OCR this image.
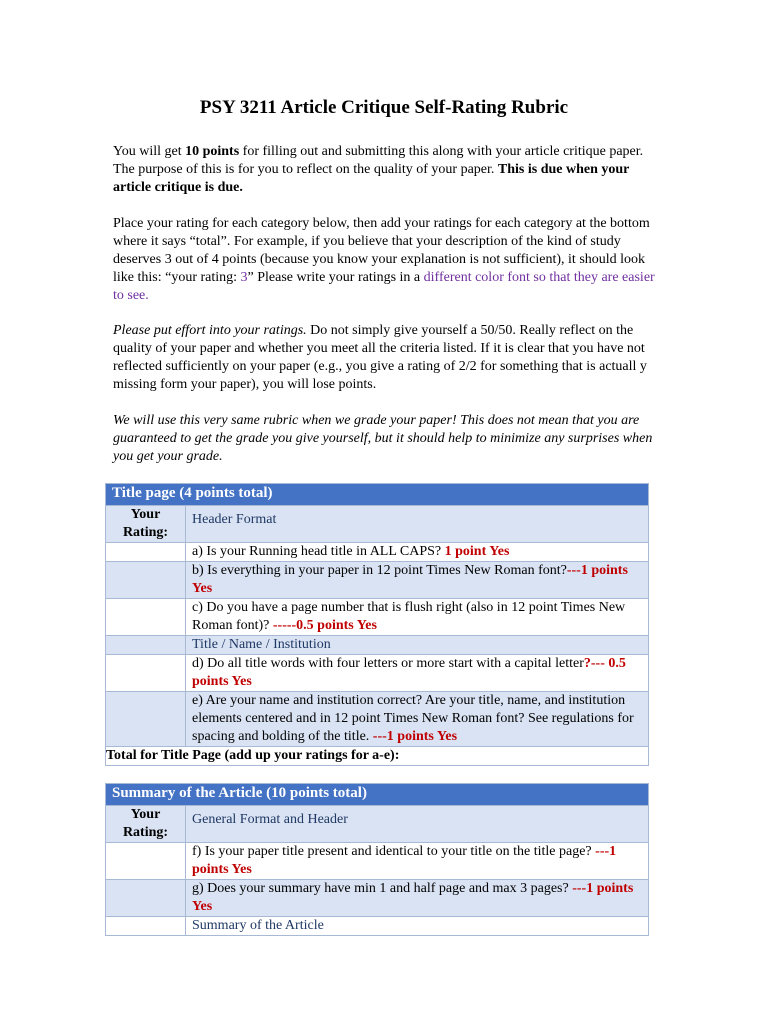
PSY 3211 Article Critique Self-Rating Rubric

You will get 10 points for filling out and submitting this along with your article critique paper. The purpose of this is for you to reflect on the quality of your paper. This is due when your article critique is due.

Place your rating for each category below, then add your ratings for each category at the bottom where it says “total”. For example, if you believe that your description of the kind of study deserves 3 out of 4 points (because you know your explanation is not sufficient), it should look like this: “your rating: 3” Please write your ratings in a different color font so that they are easier to see.

Please put effort into your ratings. Do not simply give yourself a 50/50. Really reflect on the quality of your paper and whether you meet all the criteria listed. If it is clear that you have not reflected sufficiently on your paper (e.g., you give a rating of 2/2 for something that is actuall y missing form your paper), you will lose points.

We will use this very same rubric when we grade your paper! This does not mean that you are guaranteed to get the grade you give yourself, but it should help to minimize any surprises when you get your grade.

Title page (4 points total)	
Your Rating:	Header Format
	a) Is your Running head title in ALL CAPS? 1 point Yes
	b) Is everything in your paper in 12 point Times New Roman font?---1 points Yes
	c) Do you have a page number that is flush right (also in 12 point Times New Roman font)? -----0.5 points Yes
	Title / Name / Institution
	d) Do all title words with four letters or more start with a capital letter?--- 0.5 points Yes
	e) Are your name and institution correct? Are your title, name, and institution elements centered and in 12 point Times New Roman font? See regulations for spacing and bolding of the title. ---1 points Yes
Total for Title Page (add up your ratings for a-e):	
Summary of the Article (10 points total)	
Your Rating:	General Format and Header
	f) Is your paper title present and identical to your title on the title page? ---1 points Yes
	g) Does your summary have min 1 and half page and max 3 pages? ---1 points Yes
	Summary of the Article
